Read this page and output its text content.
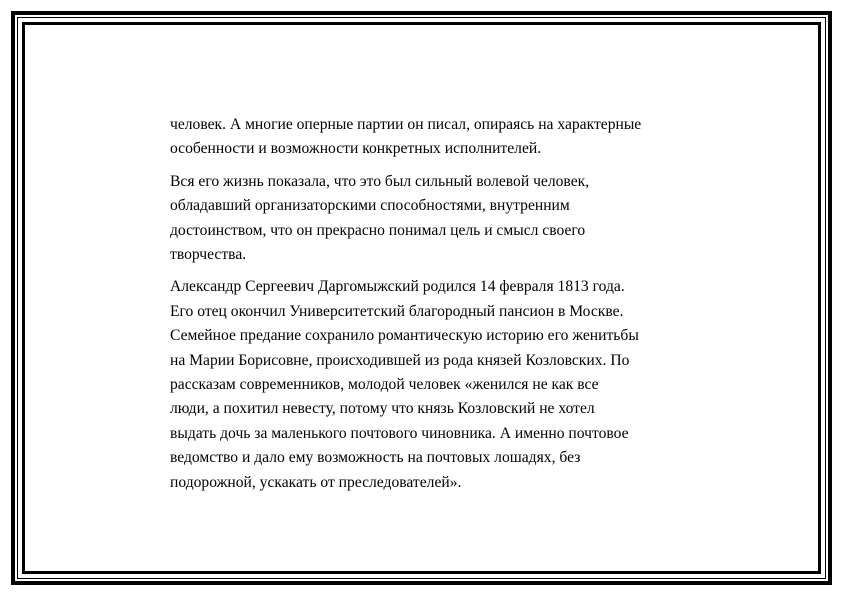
человек. А многие оперные партии он писал, опираясь на характерные
особенности и возможности конкретных исполнителей.

Вся его жизнь показала, что это был сильный волевой человек,
обладавший организаторскими способностями, внутренним
достоинством, что он прекрасно понимал цель и смысл своего
творчества.

Александр Сергеевич Даргомыжский родился 14 февраля 1813 года.
Его отец окончил Университетский благородный пансион в Москве.
Семейное предание сохранило романтическую историю его женитьбы
на Марии Борисовне, происходившей из рода князей Козловских. По
рассказам современников, молодой человек «женился не как все
люди, а похитил невесту, потому что князь Козловский не хотел
выдать дочь за маленького почтового чиновника. А именно почтовое
ведомство и дало ему возможность на почтовых лошадях, без
подорожной, ускакать от преследователей».
